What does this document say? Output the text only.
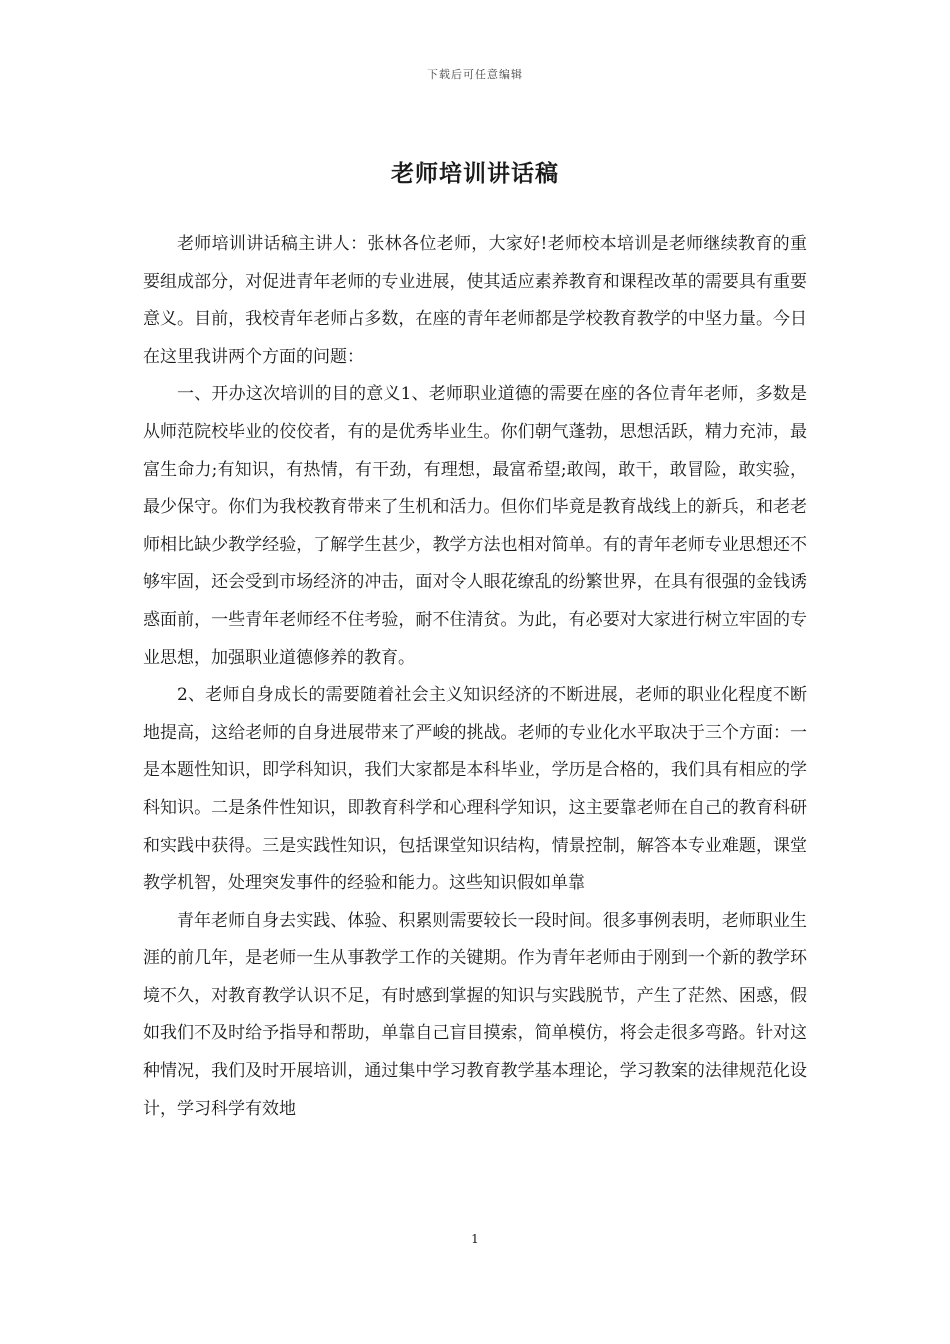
下载后可任意编辑
老师培训讲话稿

老师培训讲话稿主讲人：张林各位老师，大家好!老师校本培训是老师继续教育的重要组成部分，对促进青年老师的专业进展，使其适应素养教育和课程改革的需要具有重要意义。目前，我校青年老师占多数，在座的青年老师都是学校教育教学的中坚力量。今日在这里我讲两个方面的问题：

一、开办这次培训的目的意义1、老师职业道德的需要在座的各位青年老师，多数是从师范院校毕业的佼佼者，有的是优秀毕业生。你们朝气蓬勃，思想活跃，精力充沛，最富生命力;有知识，有热情，有干劲，有理想，最富希望;敢闯，敢干，敢冒险，敢实验，最少保守。你们为我校教育带来了生机和活力。但你们毕竟是教育战线上的新兵，和老老师相比缺少教学经验，了解学生甚少，教学方法也相对简单。有的青年老师专业思想还不够牢固，还会受到市场经济的冲击，面对令人眼花缭乱的纷繁世界，在具有很强的金钱诱惑面前，一些青年老师经不住考验，耐不住清贫。为此，有必要对大家进行树立牢固的专业思想，加强职业道德修养的教育。

2、老师自身成长的需要随着社会主义知识经济的不断进展，老师的职业化程度不断地提高，这给老师的自身进展带来了严峻的挑战。老师的专业化水平取决于三个方面：一是本题性知识，即学科知识，我们大家都是本科毕业，学历是合格的，我们具有相应的学科知识。二是条件性知识，即教育科学和心理科学知识，这主要靠老师在自己的教育科研和实践中获得。三是实践性知识，包括课堂知识结构，情景控制，解答本专业难题，课堂教学机智，处理突发事件的经验和能力。这些知识假如单靠

青年老师自身去实践、体验、积累则需要较长一段时间。很多事例表明，老师职业生涯的前几年，是老师一生从事教学工作的关键期。作为青年老师由于刚到一个新的教学环境不久，对教育教学认识不足，有时感到掌握的知识与实践脱节，产生了茫然、困惑，假如我们不及时给予指导和帮助，单靠自己盲目摸索，简单模仿，将会走很多弯路。针对这种情况，我们及时开展培训，通过集中学习教育教学基本理论，学习教案的法律规范化设计，学习科学有效地

1
